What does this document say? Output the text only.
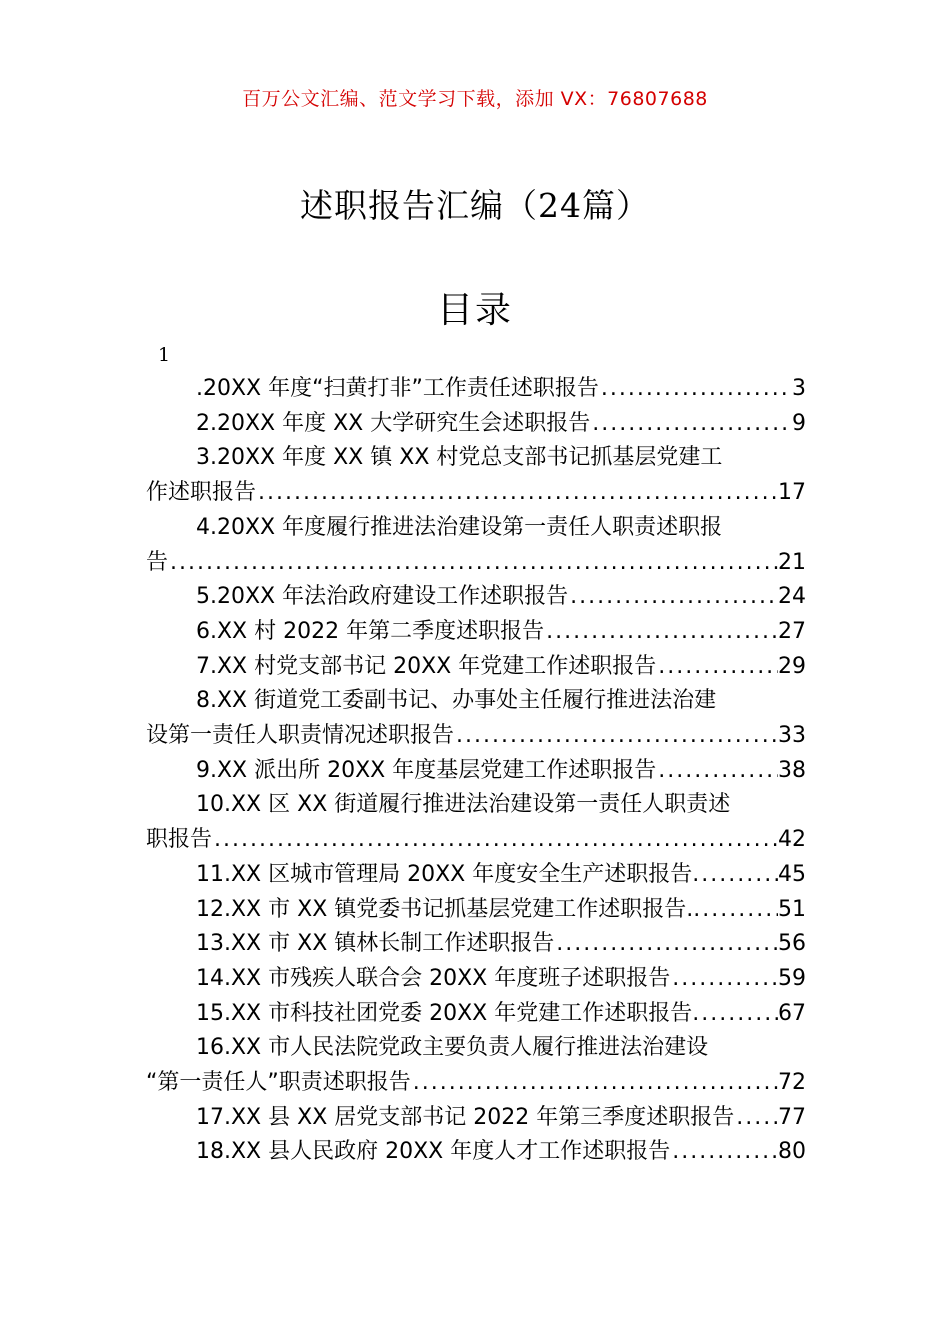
百万公文汇编、范文学习下载，添加 VX：76807688
述职报告汇编（24篇）
目录
1
.20XX 年度“扫黄打非”工作责任述职报告 .....	3
2.20XX 年度 XX 大学研究生会述职报告 .....	9
3.20XX 年度 XX 镇 XX 村党总支部书记抓基层党建工
作述职报告 .....	17
4.20XX 年度履行推进法治建设第一责任人职责述职报
告 .....	21
5.20XX 年法治政府建设工作述职报告 .....	24
6.XX 村 2022 年第二季度述职报告 .....	27
7.XX 村党支部书记 20XX 年党建工作述职报告 .....	29
8.XX 街道党工委副书记、办事处主任履行推进法治建
设第一责任人职责情况述职报告 .....	33
9.XX 派出所 20XX 年度基层党建工作述职报告 .....	38
10.XX 区 XX 街道履行推进法治建设第一责任人职责述
职报告 .....	42
11.XX 区城市管理局 20XX 年度安全生产述职报告. .....	45
12.XX 市 XX 镇党委书记抓基层党建工作述职报告.. .....	51
13.XX 市 XX 镇林长制工作述职报告 .....	56
14.XX 市残疾人联合会 20XX 年度班子述职报告 .....	59
15.XX 市科技社团党委 20XX 年党建工作述职报告. .....	67
16.XX 市人民法院党政主要负责人履行推进法治建设
“第一责任人”职责述职报告 .....	72
17.XX 县 XX 居党支部书记 2022 年第三季度述职报告 ..... 77
18.XX 县人民政府 20XX 年度人才工作述职报告 .....	80
